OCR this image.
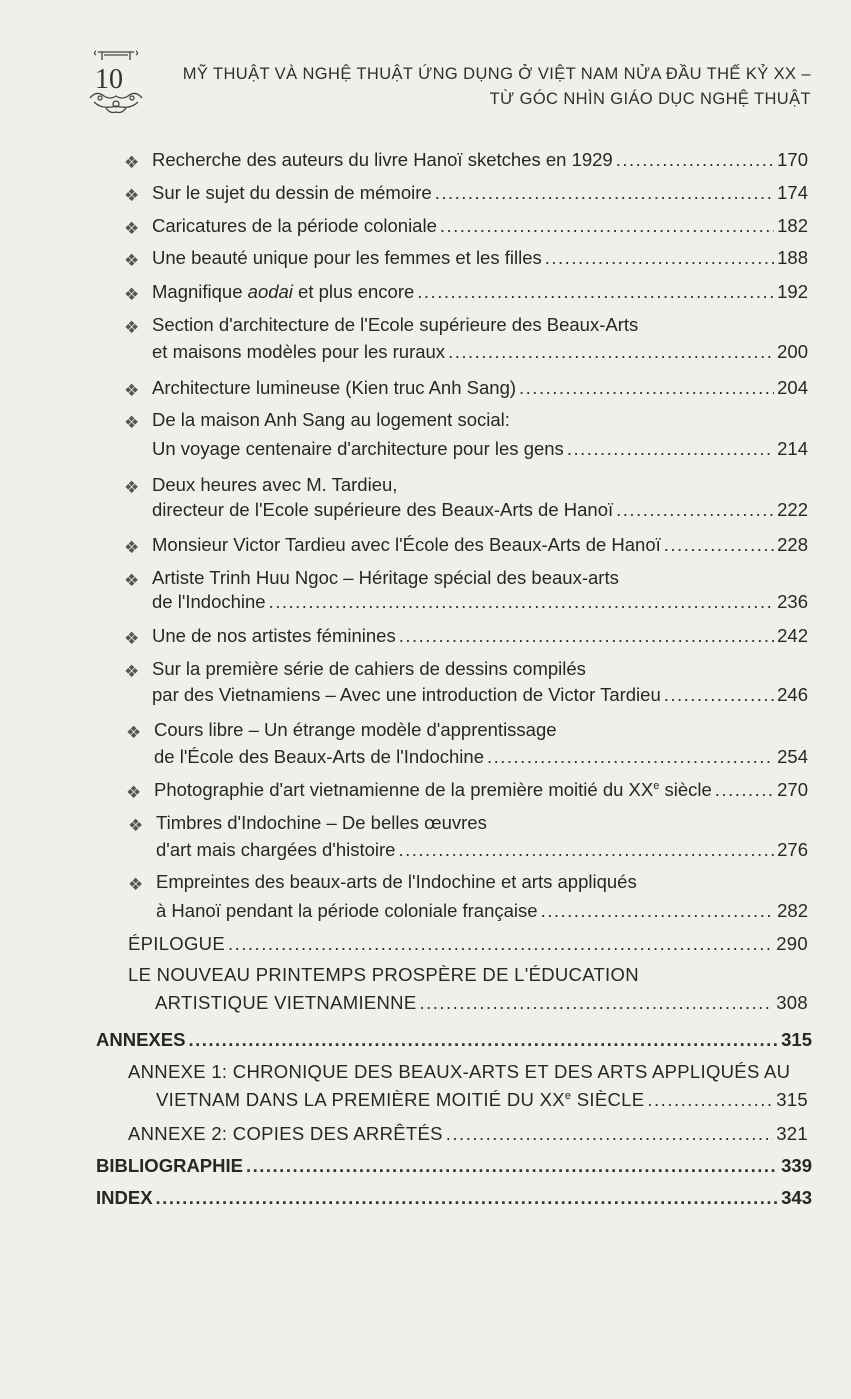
10	MỸ THUẬT VÀ NGHỆ THUẬT ỨNG DỤNG Ở VIỆT NAM NỬA ĐẦU THẾ KỶ XX –
TỪ GÓC NHÌN GIÁO DỤC NGHỆ THUẬT
❖ Recherche des auteurs du livre Hanoï sketches en 1929 .....	170
❖ Sur le sujet du dessin de mémoire .....	174
❖ Caricatures de la période coloniale .....	182
❖ Une beauté unique pour les femmes et les filles .....	188
❖ Magnifique aodai et plus encore .....	192
❖ Section d'architecture de l'Ecole supérieure des Beaux-Arts
et maisons modèles pour les ruraux .....	200
❖ Architecture lumineuse (Kien truc Anh Sang) .....	204
❖ De la maison Anh Sang au logement social:
Un voyage centenaire d'architecture pour les gens .....	214
❖ Deux heures avec M. Tardieu,
directeur de l'Ecole supérieure des Beaux-Arts de Hanoï .....	222
❖ Monsieur Victor Tardieu avec l'École des Beaux-Arts de Hanoï .....	228
❖ Artiste Trinh Huu Ngoc – Héritage spécial des beaux-arts
de l'Indochine .....	236
❖ Une de nos artistes féminines .....	242
❖ Sur la première série de cahiers de dessins compilés
par des Vietnamiens – Avec une introduction de Victor Tardieu .....	246
❖ Cours libre – Un étrange modèle d'apprentissage
de l'École des Beaux-Arts de l'Indochine .....	254
❖ Photographie d'art vietnamienne de la première moitié du XXe siècle .....	270
❖ Timbres d'Indochine – De belles œuvres
d'art mais chargées d'histoire .....	276
❖ Empreintes des beaux-arts de l'Indochine et arts appliqués
à Hanoï pendant la période coloniale française .....	282
ÉPILOGUE .....	290
LE NOUVEAU PRINTEMPS PROSPÈRE DE L'ÉDUCATION
ARTISTIQUE VIETNAMIENNE .....	308
ANNEXES .....	315
ANNEXE 1: CHRONIQUE DES BEAUX-ARTS ET DES ARTS APPLIQUÉS AU
VIETNAM DANS LA PREMIÈRE MOITIÉ DU XXe SIÈCLE .....	315
ANNEXE 2: COPIES DES ARRÊTÉS .....	321
BIBLIOGRAPHIE .....	339
INDEX .....	343
